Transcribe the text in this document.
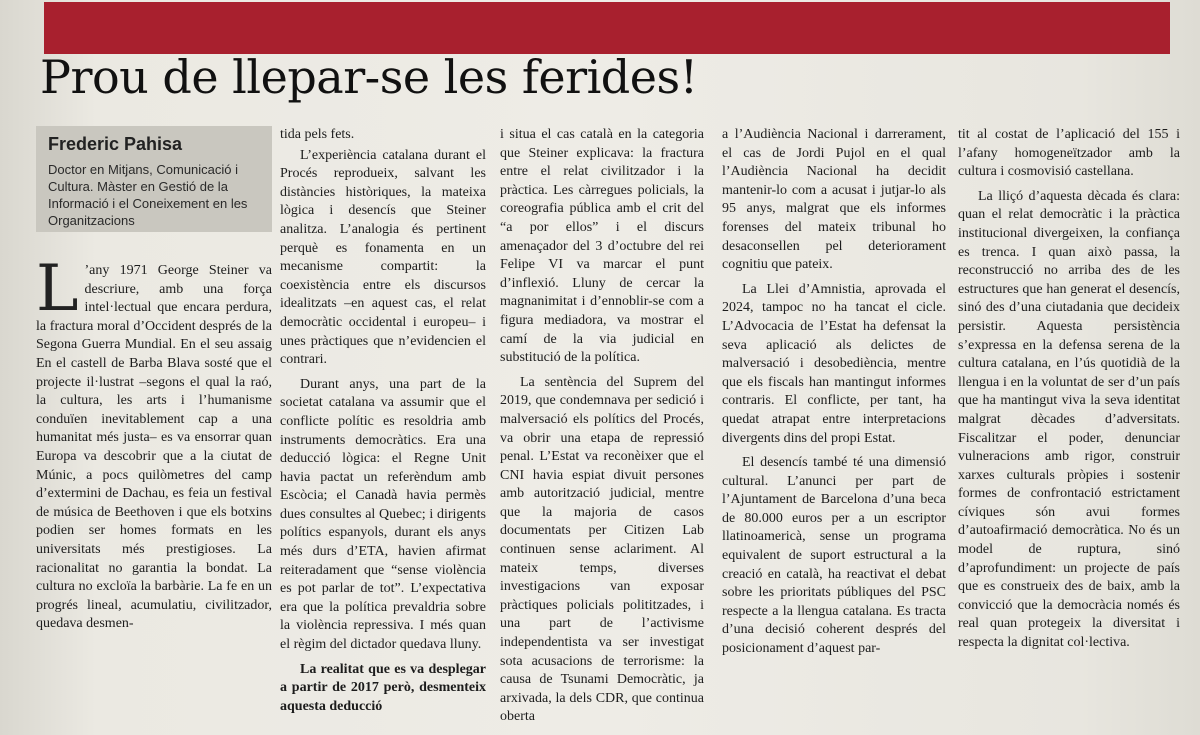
Prou de llepar-se les ferides!

Frederic Pahisa

Doctor en Mitjans, Comunicació i Cultura. Màster en Gestió de la Informació i el Coneixement en les Organitzacions

L ’any 1971 George Steiner va descriure, amb una força intel·lectual que encara perdura, la fractura moral d’Occident després de la Segona Guerra Mundial. En el seu assaig En el castell de Barba Blava sosté que el projecte il·lustrat –segons el qual la raó, la cultura, les arts i l’humanisme conduïen inevitablement cap a una humanitat més justa– es va ensorrar quan Europa va descobrir que a la ciutat de Múnic, a pocs quilòmetres del camp d’extermini de Dachau, es feia un festival de música de Beethoven i que els botxins podien ser homes formats en les universitats més prestigioses. La racionalitat no garantia la bondat. La cultura no excloïa la barbàrie. La fe en un progrés lineal, acumulatiu, civilitzador, quedava desmen-

tida pels fets.

L’experiència catalana durant el Procés reprodueix, salvant les distàncies històriques, la mateixa lògica i desencís que Steiner analitza. L’analogia és pertinent perquè es fonamenta en un mecanisme compartit: la coexistència entre els discursos idealitzats –en aquest cas, el relat democràtic occidental i europeu– i unes pràctiques que n’evidencien el contrari.

Durant anys, una part de la societat catalana va assumir que el conflicte polític es resoldria amb instruments democràtics. Era una deducció lògica: el Regne Unit havia pactat un referèndum amb Escòcia; el Canadà havia permès dues consultes al Quebec; i dirigents polítics espanyols, durant els anys més durs d’ETA, havien afirmat reiteradament que “sense violència es pot parlar de tot”. L’expectativa era que la política prevaldria sobre la violència repressiva. I més quan el règim del dictador quedava lluny.

La realitat que es va desplegar a partir de 2017 però, desmenteix aquesta deducció

i situa el cas català en la categoria que Steiner explicava: la fractura entre el relat civilitzador i la pràctica. Les càrregues policials, la coreografia pública amb el crit del “a por ellos” i el discurs amenaçador del 3 d’octubre del rei Felipe VI va marcar el punt d’inflexió. Lluny de cercar la magnanimitat i d’ennoblir-se com a figura mediadora, va mostrar el camí de la via judicial en substitució de la política.

La sentència del Suprem del 2019, que condemnava per sedició i malversació els polítics del Procés, va obrir una etapa de repressió penal. L’Estat va reconèixer que el CNI havia espiat divuit persones amb autorització judicial, mentre que la majoria de casos documentats per Citizen Lab continuen sense aclariment. Al mateix temps, diverses investigacions van exposar pràctiques policials polititzades, i una part de l’activisme independentista va ser investigat sota acusacions de terrorisme: la causa de Tsunami Democràtic, ja arxivada, la dels CDR, que continua oberta

a l’Audiència Nacional i darrerament, el cas de Jordi Pujol en el qual l’Audiència Nacional ha decidit mantenir-lo com a acusat i jutjar-lo als 95 anys, malgrat que els informes forenses del mateix tribunal ho desaconsellen pel deteriorament cognitiu que pateix.

La Llei d’Amnistia, aprovada el 2024, tampoc no ha tancat el cicle. L’Advocacia de l’Estat ha defensat la seva aplicació als delictes de malversació i desobediència, mentre que els fiscals han mantingut informes contraris. El conflicte, per tant, ha quedat atrapat entre interpretacions divergents dins del propi Estat.

El desencís també té una dimensió cultural. L’anunci per part de l’Ajuntament de Barcelona d’una beca de 80.000 euros per a un escriptor llatinoamericà, sense un programa equivalent de suport estructural a la creació en català, ha reactivat el debat sobre les prioritats públiques del PSC respecte a la llengua catalana. Es tracta d’una decisió coherent després del posicionament d’aquest par-

tit al costat de l’aplicació del 155 i l’afany homogeneïtzador amb la cultura i cosmovisió castellana.

La lliçó d’aquesta dècada és clara: quan el relat democràtic i la pràctica institucional divergeixen, la confiança es trenca. I quan això passa, la reconstrucció no arriba des de les estructures que han generat el desencís, sinó des d’una ciutadania que decideix persistir. Aquesta persistència s’expressa en la defensa serena de la cultura catalana, en l’ús quotidià de la llengua i en la voluntat de ser d’un país que ha mantingut viva la seva identitat malgrat dècades d’adversitats. Fiscalitzar el poder, denunciar vulneracions amb rigor, construir xarxes culturals pròpies i sostenir formes de confrontació estrictament cíviques són avui formes d’autoafirmació democràtica. No és un model de ruptura, sinó d’aprofundiment: un projecte de país que es construeix des de baix, amb la convicció que la democràcia només és real quan protegeix la diversitat i respecta la dignitat col·lectiva.
